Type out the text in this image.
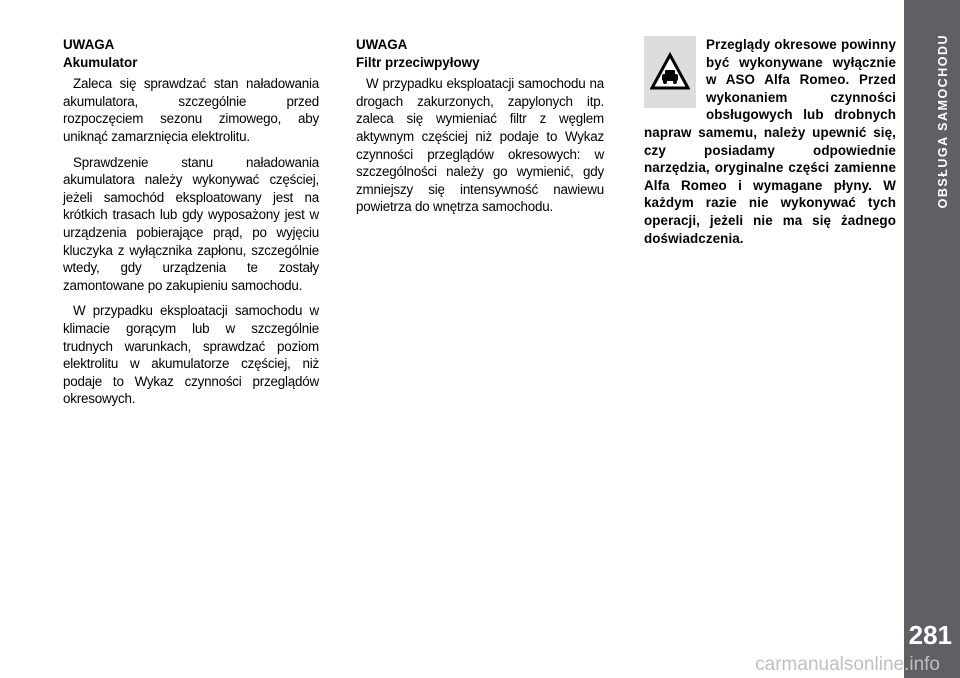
UWAGA

Akumulator

Zaleca się sprawdzać stan naładowania akumulatora, szczególnie przed rozpoczęciem sezonu zimowego, aby uniknąć zamarznięcia elektrolitu.

Sprawdzenie stanu naładowania akumulatora należy wykonywać częściej, jeżeli samochód eksploatowany jest na krótkich trasach lub gdy wyposażony jest w urządzenia pobierające prąd, po wyjęciu kluczyka z wyłącznika zapłonu, szczególnie wtedy, gdy urządzenia te zostały zamontowane po zakupieniu samochodu.

W przypadku eksploatacji samochodu w klimacie gorącym lub w szczególnie trudnych warunkach, sprawdzać poziom elektrolitu w akumulatorze częściej, niż podaje to Wykaz czynności przeglądów okresowych.

UWAGA

Filtr przeciwpyłowy

W przypadku eksploatacji samochodu na drogach zakurzonych, zapylonych itp. zaleca się wymieniać filtr z węglem aktywnym częściej niż podaje to Wykaz czynności przeglądów okresowych: w szczególności należy go wymienić, gdy zmniejszy się intensywność nawiewu powietrza do wnętrza samochodu.

Przeglądy okresowe powinny być wykonywane wyłącznie w ASO Alfa Romeo. Przed wykonaniem czynności obsługowych lub drobnych napraw samemu, należy upewnić się, czy posiadamy odpowiednie narzędzia, oryginalne części zamienne Alfa Romeo i wymagane płyny. W każdym razie nie wykonywać tych operacji, jeżeli nie ma się żadnego doświadczenia.

OBSŁUGA SAMOCHODU
281
carmanualsonline.info
